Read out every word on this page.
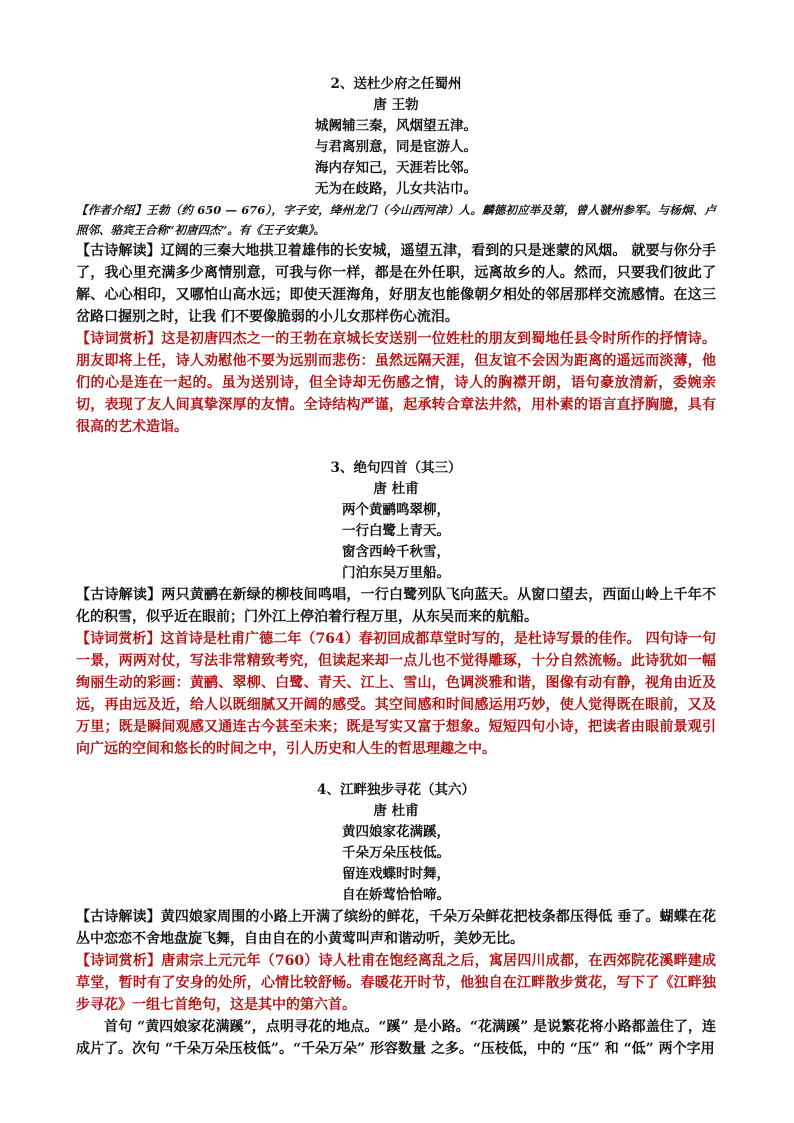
2、送杜少府之任蜀州

唐 王勃

城阙辅三秦，风烟望五津。

与君离别意，同是宦游人。

海内存知己，天涯若比邻。

无为在歧路，儿女共沾巾。

【作者介绍】王勃（约 650 — 676），字子安，绛州龙门（今山西河津）人。麟德初应举及第，曾人虢州参军。与杨炯、卢照邻、骆宾王合称“初唐四杰”。有《王子安集》。

【古诗解读】辽阔的三秦大地拱卫着雄伟的长安城，遥望五津，看到的只是迷蒙的风烟。 就要与你分手了，我心里充满多少离情别意，可我与你一样，都是在外任职，远离故乡的人。然而，只要我们彼此了解、心心相印，又哪怕山高水远；即使天涯海角，好朋友也能像朝夕相处的邻居那样交流感情。在这三岔路口握别之时，让我 们不要像脆弱的小儿女那样伤心流泪。

【诗词赏析】这是初唐四杰之一的王勃在京城长安送别一位姓杜的朋友到蜀地任县令时所作的抒情诗。朋友即将上任，诗人劝慰他不要为远别而悲伤：虽然远隔天涯，但友谊不会因为距离的遥远而淡薄，他们的心是连在一起的。虽为送别诗，但全诗却无伤感之情，诗人的胸襟开朗，语句豪放清新，委婉亲切，表现了友人间真挚深厚的友情。全诗结构严谨，起承转合章法井然，用朴素的语言直抒胸臆，具有很高的艺术造诣。

3、绝句四首（其三）

唐 杜甫

两个黄鹂鸣翠柳，

一行白鹭上青天。

窗含西岭千秋雪，

门泊东吴万里船。

【古诗解读】两只黄鹂在新绿的柳枝间鸣唱，一行白鹭列队飞向蓝天。从窗口望去，西面山岭上千年不化的积雪，似乎近在眼前；门外江上停泊着行程万里，从东吴而来的航船。

【诗词赏析】这首诗是杜甫广德二年（764）春初回成都草堂时写的，是杜诗写景的佳作。 四句诗一句一景，两两对仗，写法非常精致考究，但读起来却一点儿也不觉得雕琢，十分自然流畅。此诗犹如一幅绚丽生动的彩画：黄鹂、翠柳、白鹭、青天、江上、雪山，色调淡雅和谐，图像有动有静，视角由近及远，再由远及近，给人以既细腻又开阔的感受。其空间感和时间感运用巧妙，使人觉得既在眼前，又及万里；既是瞬间观感又通连古今甚至未来；既是写实又富于想象。短短四句小诗，把读者由眼前景观引向广远的空间和悠长的时间之中，引人历史和人生的哲思理趣之中。

4、江畔独步寻花（其六）

唐 杜甫

黄四娘家花满蹊，

千朵万朵压枝低。

留连戏蝶时时舞，

自在娇莺恰恰啼。

【古诗解读】黄四娘家周围的小路上开满了缤纷的鲜花，千朵万朵鲜花把枝条都压得低 垂了。蝴蝶在花丛中恋恋不舍地盘旋飞舞，自由自在的小黄莺叫声和谐动听，美妙无比。

【诗词赏析】唐肃宗上元元年（760）诗人杜甫在饱经离乱之后，寓居四川成都，在西郊院花溪畔建成草堂，暂时有了安身的处所，心情比较舒畅。春暖花开时节，他独自在江畔散步赏花，写下了《江畔独步寻花》一组七首绝句，这是其中的第六首。

首句 “黄四娘家花满蹊”，点明寻花的地点。“蹊” 是小路。“花满蹊” 是说繁花将小路都盖住了，连成片了。次句 “千朵万朵压枝低”。“千朵万朵” 形容数量 之多。“压枝低，中的 “压” 和 “低” 两个字用
